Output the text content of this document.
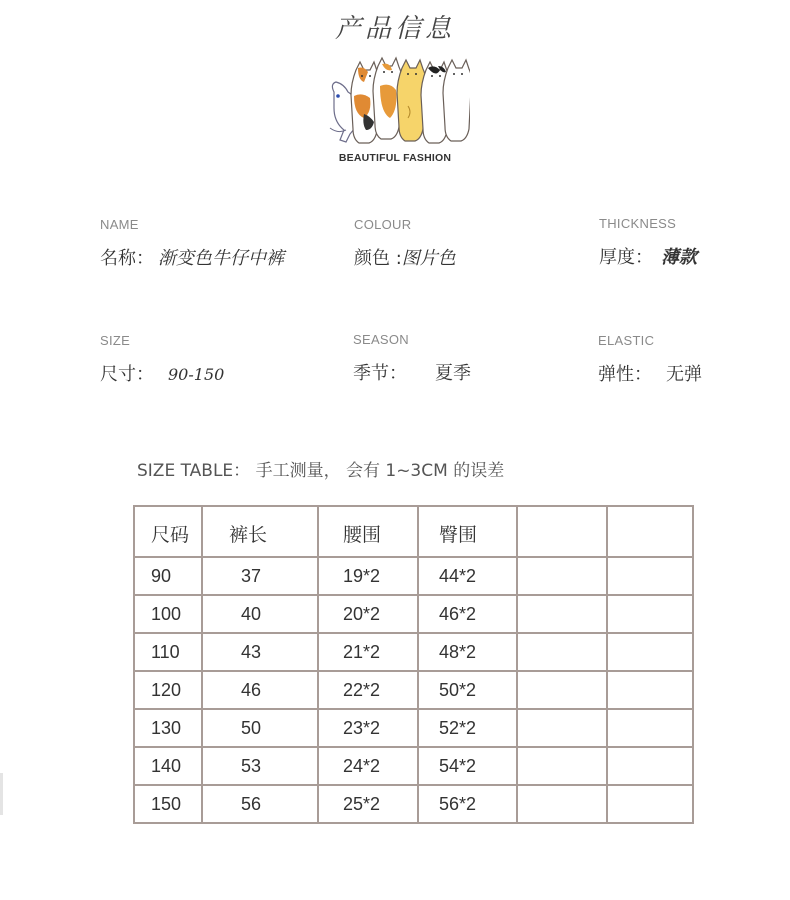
产品信息
BEAUTIFUL FASHION
NAME
名称： 渐变色牛仔中裤
COLOUR
颜色 : 图片色
THICKNESS
厚度： 薄款
SIZE
尺寸： 90-150
SEASON
季节： 夏季
ELASTIC
弹性： 无弹
SIZE TABLE： 手工测量， 会有 1~3CM 的误差
尺码	裤长	腰围	臀围		
90	37	19*2	44*2		
100	40	20*2	46*2		
110	43	21*2	48*2		
120	46	22*2	50*2		
130	50	23*2	52*2		
140	53	24*2	54*2		
150	56	25*2	56*2		
